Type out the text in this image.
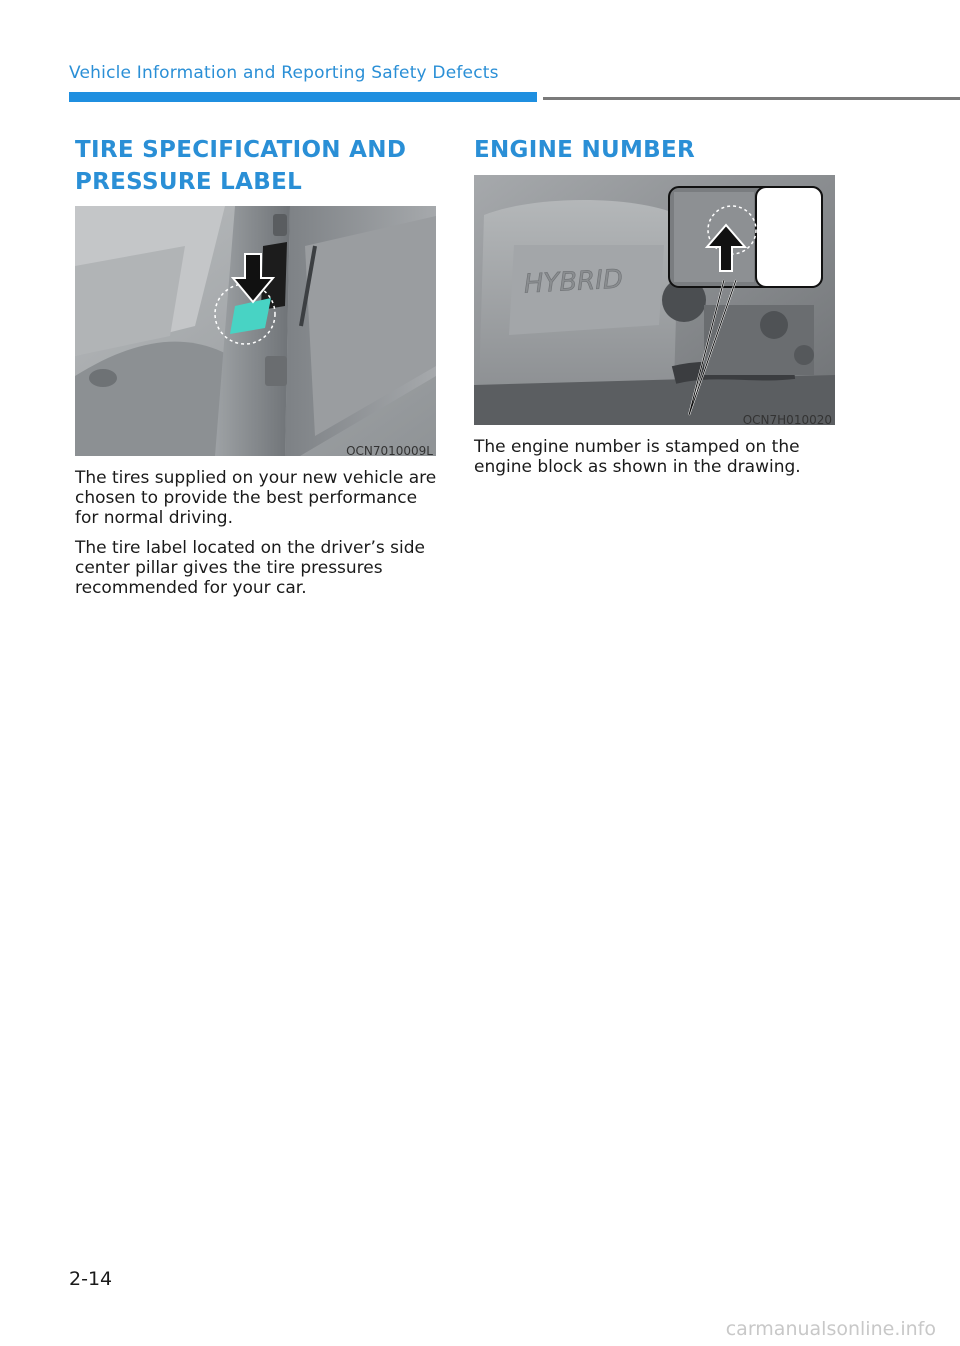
Vehicle Information and Reporting Safety Defects
TIRE SPECIFICATION AND
PRESSURE LABEL
OCN7010009L
The tires supplied on your new vehicle are chosen to provide the best performance for normal driving.
The tire label located on the driver’s side center pillar gives the tire pressures recommended for your car.
ENGINE NUMBER
HYBRID
OCN7H010020
The engine number is stamped on the engine block as shown in the drawing.
2-14
carmanualsonline.info
